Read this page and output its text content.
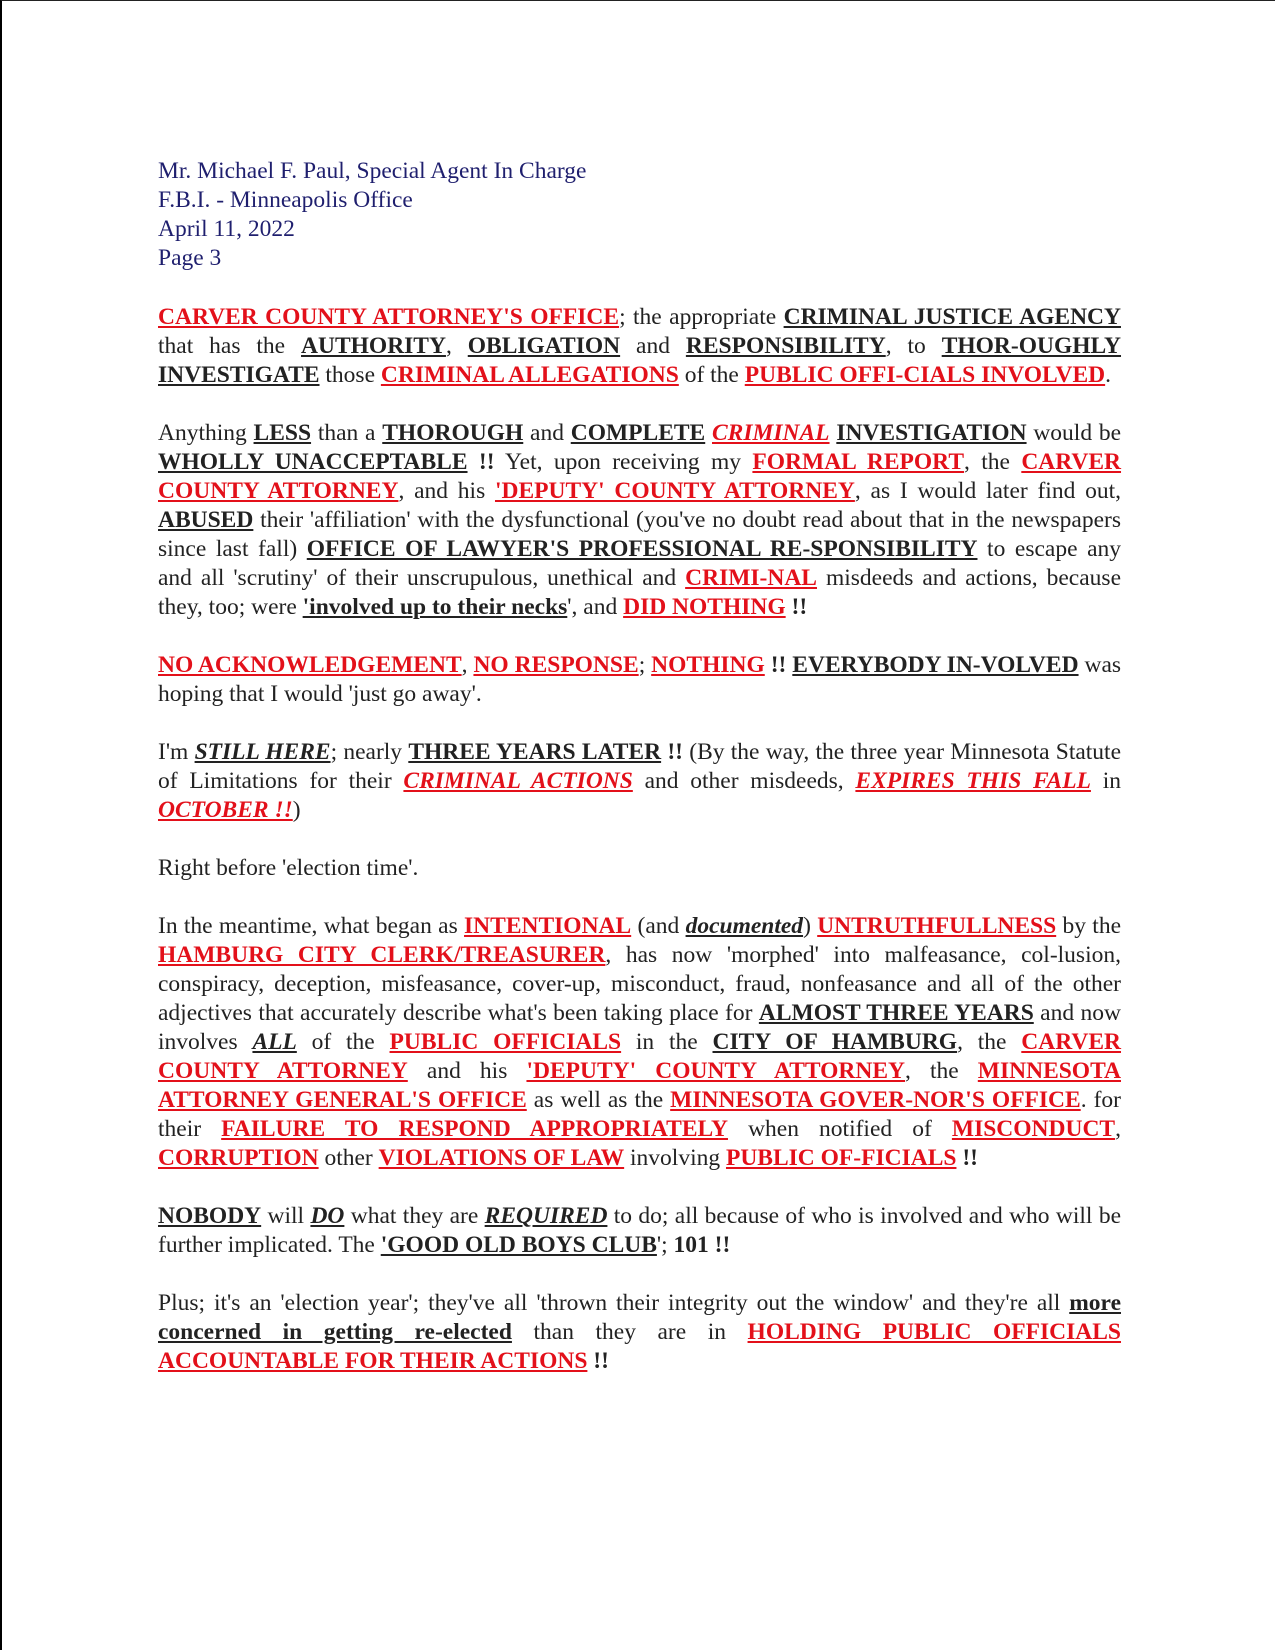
Mr. Michael F. Paul, Special Agent In Charge
F.B.I. - Minneapolis Office
April 11, 2022
Page 3

CARVER COUNTY ATTORNEY'S OFFICE; the appropriate CRIMINAL JUSTICE AGENCY that has the AUTHORITY, OBLIGATION and RESPONSIBILITY, to THOR-OUGHLY INVESTIGATE those CRIMINAL ALLEGATIONS of the PUBLIC OFFI-CIALS INVOLVED.

Anything LESS than a THOROUGH and COMPLETE CRIMINAL INVESTIGATION would be WHOLLY UNACCEPTABLE !! Yet, upon receiving my FORMAL REPORT, the CARVER COUNTY ATTORNEY, and his 'DEPUTY' COUNTY ATTORNEY, as I would later find out, ABUSED their 'affiliation' with the dysfunctional (you've no doubt read about that in the newspapers since last fall) OFFICE OF LAWYER'S PROFESSIONAL RE-SPONSIBILITY to escape any and all 'scrutiny' of their unscrupulous, unethical and CRIMI-NAL misdeeds and actions, because they, too; were 'involved up to their necks', and DID NOTHING !!

NO ACKNOWLEDGEMENT, NO RESPONSE; NOTHING !! EVERYBODY IN-VOLVED was hoping that I would 'just go away'.

I'm STILL HERE; nearly THREE YEARS LATER !! (By the way, the three year Minnesota Statute of Limitations for their CRIMINAL ACTIONS and other misdeeds, EXPIRES THIS FALL in OCTOBER !!)

Right before 'election time'.

In the meantime, what began as INTENTIONAL (and documented) UNTRUTHFULLNESS by the HAMBURG CITY CLERK/TREASURER, has now 'morphed' into malfeasance, col-lusion, conspiracy, deception, misfeasance, cover-up, misconduct, fraud, nonfeasance and all of the other adjectives that accurately describe what's been taking place for ALMOST THREE YEARS and now involves ALL of the PUBLIC OFFICIALS in the CITY OF HAMBURG, the CARVER COUNTY ATTORNEY and his 'DEPUTY' COUNTY ATTORNEY, the MINNESOTA ATTORNEY GENERAL'S OFFICE as well as the MINNESOTA GOVER-NOR'S OFFICE. for their FAILURE TO RESPOND APPROPRIATELY when notified of MISCONDUCT, CORRUPTION other VIOLATIONS OF LAW involving PUBLIC OF-FICIALS !!

NOBODY will DO what they are REQUIRED to do; all because of who is involved and who will be further implicated. The 'GOOD OLD BOYS CLUB'; 101 !!

Plus; it's an 'election year'; they've all 'thrown their integrity out the window' and they're all more concerned in getting re-elected than they are in HOLDING PUBLIC OFFICIALS ACCOUNTABLE FOR THEIR ACTIONS !!
